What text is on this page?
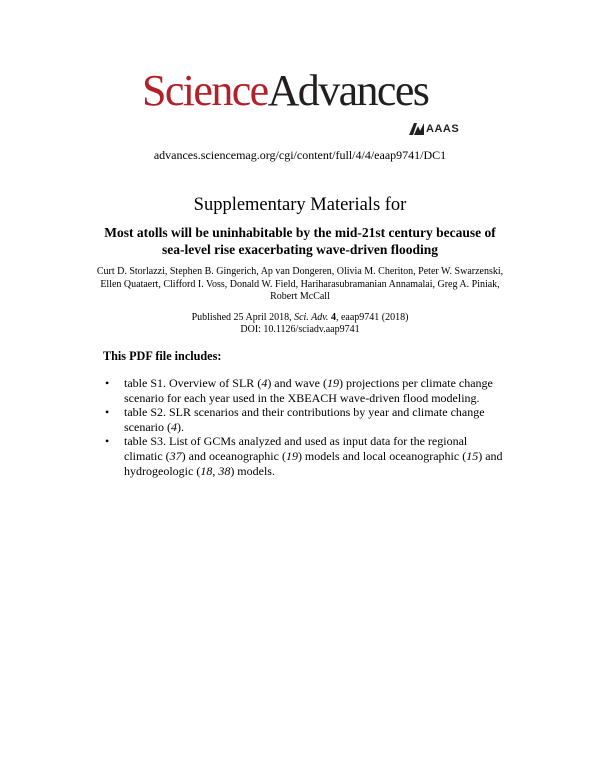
ScienceAdvances
AAAS
advances.sciencemag.org/cgi/content/full/4/4/eaap9741/DC1
Supplementary Materials for
Most atolls will be uninhabitable by the mid-21st century because of
sea-level rise exacerbating wave-driven flooding
Curt D. Storlazzi, Stephen B. Gingerich, Ap van Dongeren, Olivia M. Cheriton, Peter W. Swarzenski,
Ellen Quataert, Clifford I. Voss, Donald W. Field, Hariharasubramanian Annamalai, Greg A. Piniak,
Robert McCall
Published 25 April 2018, Sci. Adv. 4, eaap9741 (2018)
DOI: 10.1126/sciadv.aap9741
This PDF file includes:
• table S1. Overview of SLR (4) and wave (19) projections per climate change scenario for each year used in the XBEACH wave-driven flood modeling.
• table S2. SLR scenarios and their contributions by year and climate change scenario (4).
• table S3. List of GCMs analyzed and used as input data for the regional climatic (37) and oceanographic (19) models and local oceanographic (15) and hydrogeologic (18, 38) models.
